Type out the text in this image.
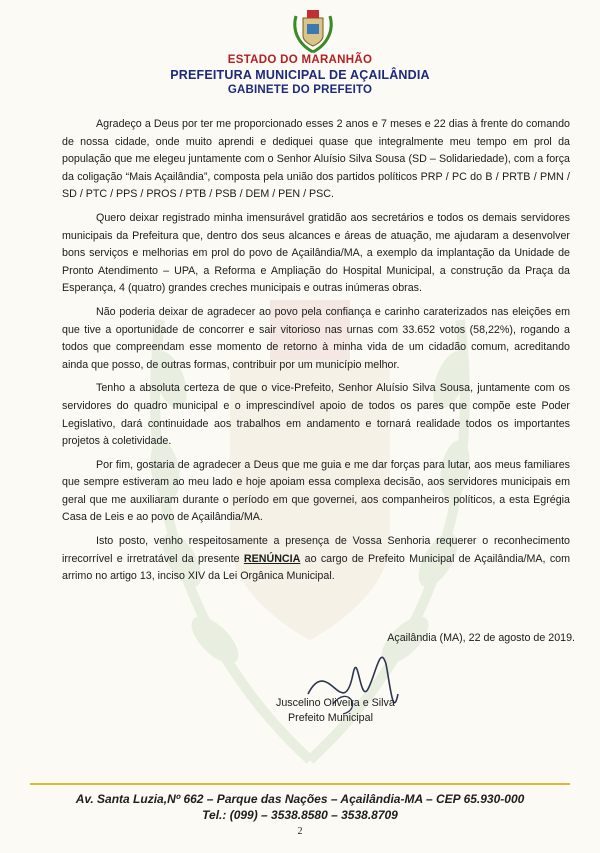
ESTADO DO MARANHÃO
PREFEITURA MUNICIPAL DE AÇAILÂNDIA
GABINETE DO PREFEITO

Agradeço a Deus por ter me proporcionado esses 2 anos e 7 meses e 22 dias à frente do comando de nossa cidade, onde muito aprendi e dediquei quase que integralmente meu tempo em prol da população que me elegeu juntamente com o Senhor Aluísio Silva Sousa (SD – Solidariedade), com a força da coligação “Mais Açailândia”, composta pela união dos partidos políticos PRP / PC do B / PRTB / PMN / SD / PTC / PPS / PROS / PTB / PSB / DEM / PEN / PSC.

Quero deixar registrado minha imensurável gratidão aos secretários e todos os demais servidores municipais da Prefeitura que, dentro dos seus alcances e áreas de atuação, me ajudaram a desenvolver bons serviços e melhorias em prol do povo de Açailândia/MA, a exemplo da implantação da Unidade de Pronto Atendimento – UPA, a Reforma e Ampliação do Hospital Municipal, a construção da Praça da Esperança, 4 (quatro) grandes creches municipais e outras inúmeras obras.

Não poderia deixar de agradecer ao povo pela confiança e carinho caraterizados nas eleições em que tive a oportunidade de concorrer e sair vitorioso nas urnas com 33.652 votos (58,22%), rogando a todos que compreendam esse momento de retorno à minha vida de um cidadão comum, acreditando ainda que posso, de outras formas, contribuir por um município melhor.

Tenho a absoluta certeza de que o vice-Prefeito, Senhor Aluísio Silva Sousa, juntamente com os servidores do quadro municipal e o imprescindível apoio de todos os pares que compõe este Poder Legislativo, dará continuidade aos trabalhos em andamento e tornará realidade todos os importantes projetos à coletividade.

Por fim, gostaria de agradecer a Deus que me guia e me dar forças para lutar, aos meus familiares que sempre estiveram ao meu lado e hoje apoiam essa complexa decisão, aos servidores municipais em geral que me auxiliaram durante o período em que governei, aos companheiros políticos, a esta Egrégia Casa de Leis e ao povo de Açailândia/MA.

Isto posto, venho respeitosamente a presença de Vossa Senhoria requerer o reconhecimento irrecorrível e irretratável da presente RENÚNCIA ao cargo de Prefeito Municipal de Açailândia/MA, com arrimo no artigo 13, inciso XIV da Lei Orgânica Municipal.

Açailândia (MA), 22 de agosto de 2019.
Juscelino Oliveira e Silva
Prefeito Municipal
Av. Santa Luzia,Nº 662 – Parque das Nações – Açailândia-MA – CEP 65.930-000
Tel.: (099) – 3538.8580 – 3538.8709
2
